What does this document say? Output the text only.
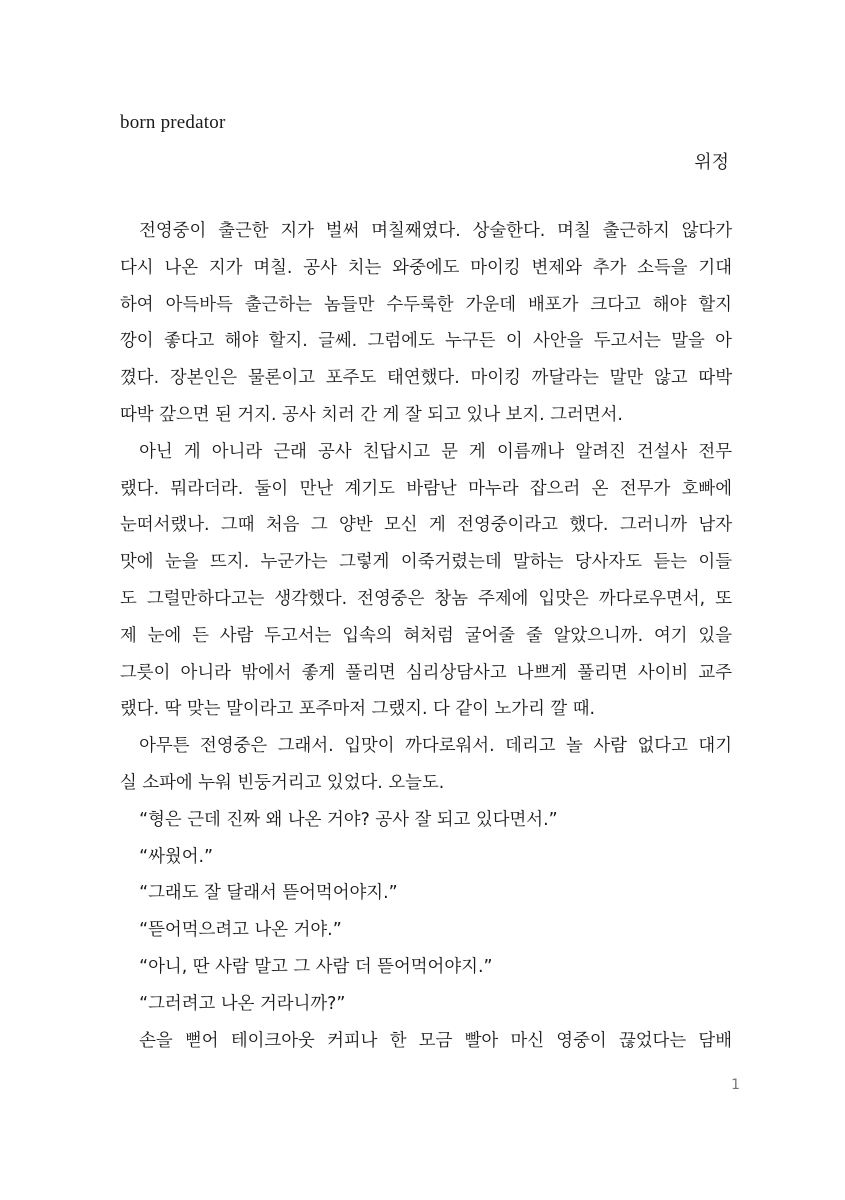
born predator
위정
전영중이 출근한 지가 벌써 며칠째였다. 상술한다. 며칠 출근하지 않다가
다시 나온 지가 며칠. 공사 치는 와중에도 마이킹 변제와 추가 소득을 기대
하여 아득바득 출근하는 놈들만 수두룩한 가운데 배포가 크다고 해야 할지
깡이 좋다고 해야 할지. 글쎄. 그럼에도 누구든 이 사안을 두고서는 말을 아
꼈다. 장본인은 물론이고 포주도 태연했다. 마이킹 까달라는 말만 않고 따박
따박 갚으면 된 거지. 공사 치러 간 게 잘 되고 있나 보지. 그러면서.
아닌 게 아니라 근래 공사 친답시고 문 게 이름깨나 알려진 건설사 전무
랬다. 뭐라더라. 둘이 만난 계기도 바람난 마누라 잡으러 온 전무가 호빠에
눈떠서랬나. 그때 처음 그 양반 모신 게 전영중이라고 했다. 그러니까 남자
맛에 눈을 뜨지. 누군가는 그렇게 이죽거렸는데 말하는 당사자도 듣는 이들
도 그럴만하다고는 생각했다. 전영중은 창놈 주제에 입맛은 까다로우면서, 또
제 눈에 든 사람 두고서는 입속의 혀처럼 굴어줄 줄 알았으니까. 여기 있을
그릇이 아니라 밖에서 좋게 풀리면 심리상담사고 나쁘게 풀리면 사이비 교주
랬다. 딱 맞는 말이라고 포주마저 그랬지. 다 같이 노가리 깔 때.
아무튼 전영중은 그래서. 입맛이 까다로워서. 데리고 놀 사람 없다고 대기
실 소파에 누워 빈둥거리고 있었다. 오늘도.
“형은 근데 진짜 왜 나온 거야? 공사 잘 되고 있다면서.”
“싸웠어.”
“그래도 잘 달래서 뜯어먹어야지.”
“뜯어먹으려고 나온 거야.”
“아니, 딴 사람 말고 그 사람 더 뜯어먹어야지.”
“그러려고 나온 거라니까?”
손을 뻗어 테이크아웃 커피나 한 모금 빨아 마신 영중이 끊었다는 담배
1
